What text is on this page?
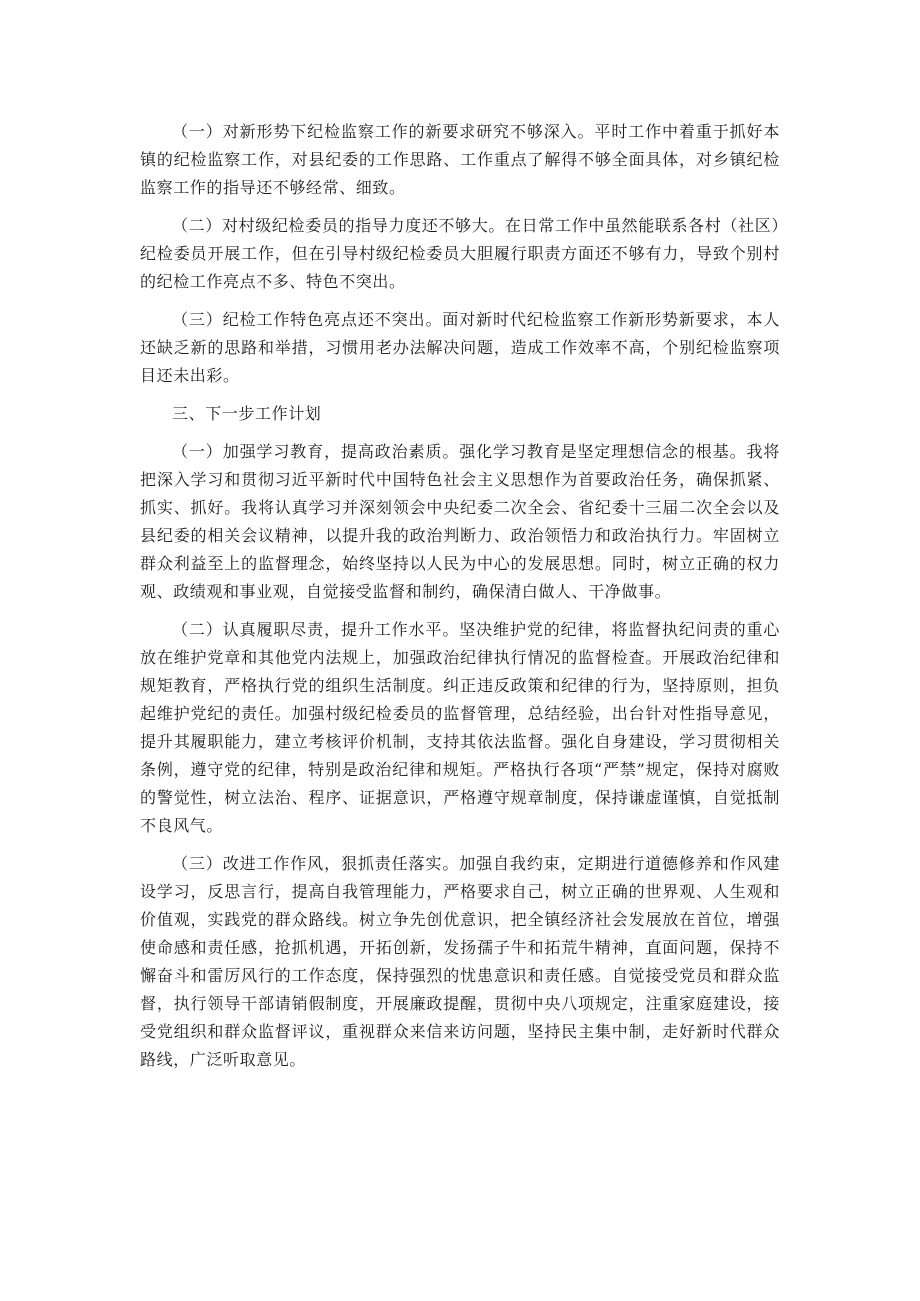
（一）对新形势下纪检监察工作的新要求研究不够深入。平时工作中着重于抓好本镇的纪检监察工作，对县纪委的工作思路、工作重点了解得不够全面具体，对乡镇纪检监察工作的指导还不够经常、细致。

（二）对村级纪检委员的指导力度还不够大。在日常工作中虽然能联系各村（社区）纪检委员开展工作，但在引导村级纪检委员大胆履行职责方面还不够有力，导致个别村的纪检工作亮点不多、特色不突出。

（三）纪检工作特色亮点还不突出。面对新时代纪检监察工作新形势新要求，本人还缺乏新的思路和举措，习惯用老办法解决问题，造成工作效率不高，个别纪检监察项目还未出彩。

三、下一步工作计划

（一）加强学习教育，提高政治素质。强化学习教育是坚定理想信念的根基。我将把深入学习和贯彻习近平新时代中国特色社会主义思想作为首要政治任务，确保抓紧、抓实、抓好。我将认真学习并深刻领会中央纪委二次全会、省纪委十三届二次全会以及县纪委的相关会议精神，以提升我的政治判断力、政治领悟力和政治执行力。牢固树立群众利益至上的监督理念，始终坚持以人民为中心的发展思想。同时，树立正确的权力观、政绩观和事业观，自觉接受监督和制约，确保清白做人、干净做事。

（二）认真履职尽责，提升工作水平。坚决维护党的纪律，将监督执纪问责的重心放在维护党章和其他党内法规上，加强政治纪律执行情况的监督检查。开展政治纪律和规矩教育，严格执行党的组织生活制度。纠正违反政策和纪律的行为，坚持原则，担负起维护党纪的责任。加强村级纪检委员的监督管理，总结经验，出台针对性指导意见，提升其履职能力，建立考核评价机制，支持其依法监督。强化自身建设，学习贯彻相关条例，遵守党的纪律，特别是政治纪律和规矩。严格执行各项“严禁”规定，保持对腐败的警觉性，树立法治、程序、证据意识，严格遵守规章制度，保持谦虚谨慎，自觉抵制不良风气。

（三）改进工作作风，狠抓责任落实。加强自我约束，定期进行道德修养和作风建设学习，反思言行，提高自我管理能力，严格要求自己，树立正确的世界观、人生观和价值观，实践党的群众路线。树立争先创优意识，把全镇经济社会发展放在首位，增强使命感和责任感，抢抓机遇，开拓创新，发扬孺子牛和拓荒牛精神，直面问题，保持不懈奋斗和雷厉风行的工作态度，保持强烈的忧患意识和责任感。自觉接受党员和群众监督，执行领导干部请销假制度，开展廉政提醒，贯彻中央八项规定，注重家庭建设，接受党组织和群众监督评议，重视群众来信来访问题，坚持民主集中制，走好新时代群众路线，广泛听取意见。
